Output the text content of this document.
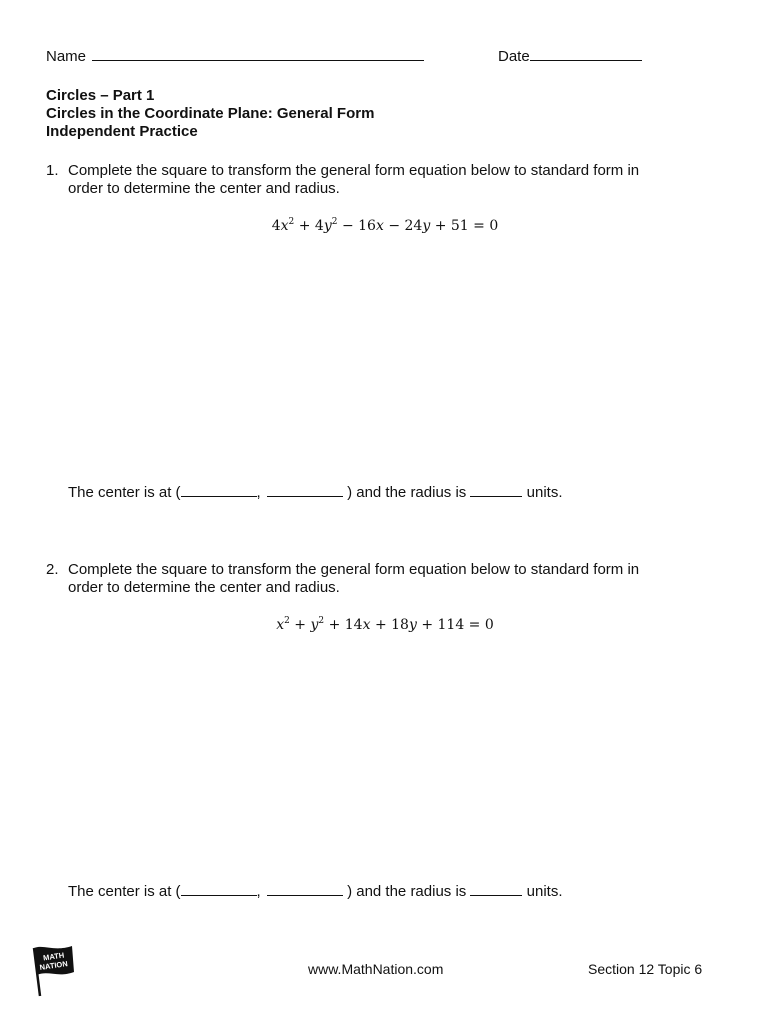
Name	Date
Circles – Part 1
Circles in the Coordinate Plane: General Form
Independent Practice
1. Complete the square to transform the general form equation below to standard form in
order to determine the center and radius.
$4x^2 + 4y^2 - 16x - 24y + 51 = 0$
The center is at (	,	) and the radius is	units.
2. Complete the square to transform the general form equation below to standard form in
order to determine the center and radius.
$x^2 + y^2 + 14x + 18y + 114 = 0$
The center is at (	,	) and the radius is	units.
MATH
NATION	www.MathNation.com	Section 12 Topic 6
